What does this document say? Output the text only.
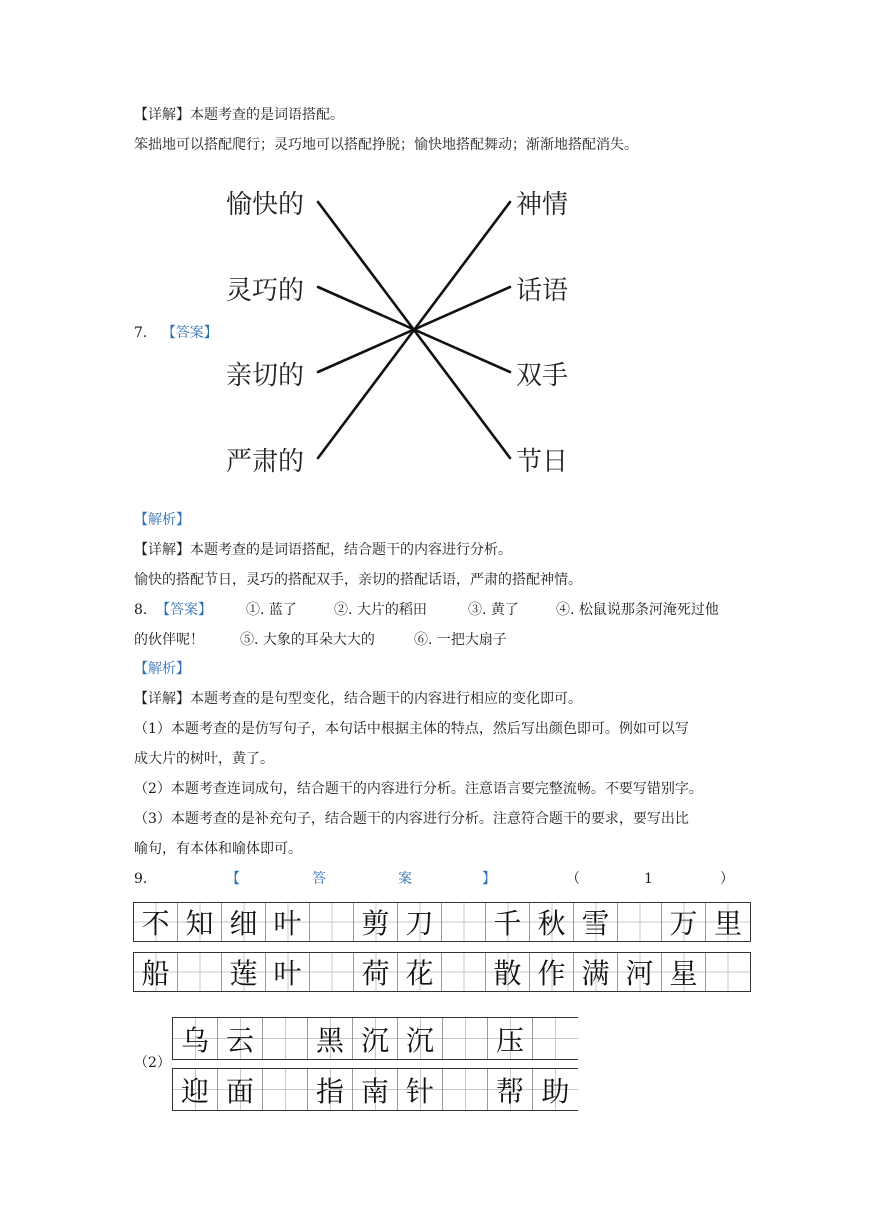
【详解】本题考查的是词语搭配。
笨拙地可以搭配爬行；灵巧地可以搭配挣脱；愉快地搭配舞动；渐渐地搭配消失。
7. 【答案】
愉快的
灵巧的
亲切的
严肃的
神情
话语
双手
节日
【解析】
【详解】本题考查的是词语搭配，结合题干的内容进行分析。
愉快的搭配节日，灵巧的搭配双手，亲切的搭配话语，严肃的搭配神情。
8. 【答案】 ①. 蓝了	②. 大片的稻田	③. 黄了	④. 松鼠说那条河淹死过他
的伙伴呢！	⑤. 大象的耳朵大大的	⑥. 一把大扇子
【解析】
【详解】本题考查的是句型变化，结合题干的内容进行相应的变化即可。
（1）本题考查的是仿写句子，本句话中根据主体的特点，然后写出颜色即可。例如可以写
成大片的树叶，黄了。
（2）本题考查连词成句，结合题干的内容进行分析。注意语言要完整流畅。不要写错别字。
（3）本题考查的是补充句子，结合题干的内容进行分析。注意符合题干的要求，要写出比
喻句，有本体和喻体即可。
9.	【	答	案	】	（	1	）
不 知 细 叶	剪 刀	千 秋 雪	万 里
船	莲 叶	荷 花	散 作 满 河 星
（2）
乌 云	黑 沉 沉	压
迎 面	指 南 针	帮 助
